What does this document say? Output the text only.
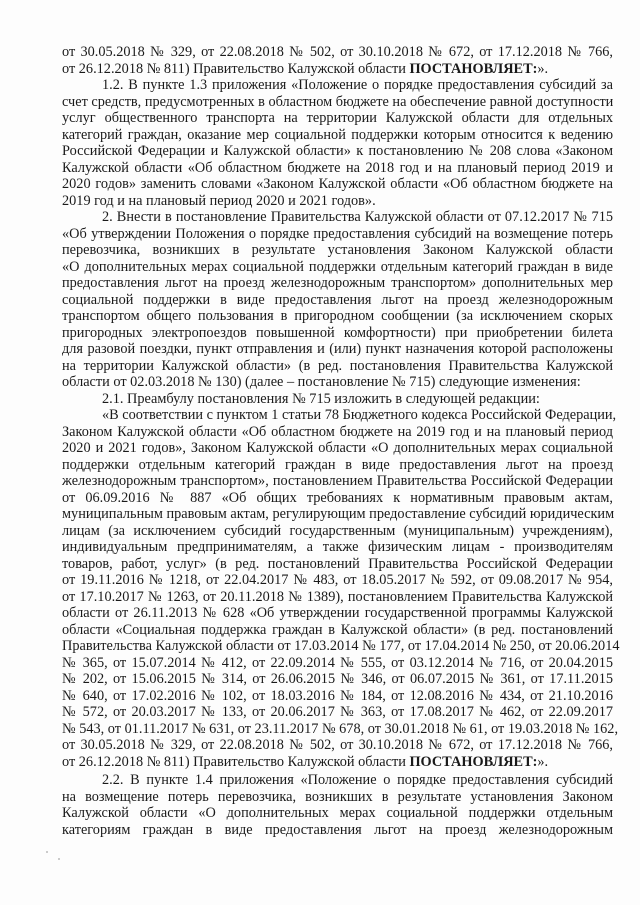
от 30.05.2018 № 329, от 22.08.2018 № 502, от 30.10.2018 № 672, от 17.12.2018 № 766,
от 26.12.2018 № 811) Правительство Калужской области ПОСТАНОВЛЯЕТ:».
1.2. В пункте 1.3 приложения «Положение о порядке предоставления субсидий за
счет средств, предусмотренных в областном бюджете на обеспечение равной доступности
услуг общественного транспорта на территории Калужской области для отдельных
категорий граждан, оказание мер социальной поддержки которым относится к ведению
Российской Федерации и Калужской области» к постановлению № 208 слова «Законом
Калужской области «Об областном бюджете на 2018 год и на плановый период 2019 и
2020 годов» заменить словами «Законом Калужской области «Об областном бюджете на
2019 год и на плановый период 2020 и 2021 годов».
2. Внести в постановление Правительства Калужской области от 07.12.2017 № 715
«Об утверждении Положения о порядке предоставления субсидий на возмещение потерь
перевозчика, возникших в результате установления Законом Калужской области
«О дополнительных мерах социальной поддержки отдельным категорий граждан в виде
предоставления льгот на проезд железнодорожным транспортом» дополнительных мер
социальной поддержки в виде предоставления льгот на проезд железнодорожным
транспортом общего пользования в пригородном сообщении (за исключением скорых
пригородных электропоездов повышенной комфортности) при приобретении билета
для разовой поездки, пункт отправления и (или) пункт назначения которой расположены
на территории Калужской области» (в ред. постановления Правительства Калужской
области от 02.03.2018 № 130) (далее – постановление № 715) следующие изменения:
2.1. Преамбулу постановления № 715 изложить в следующей редакции:
«В соответствии с пунктом 1 статьи 78 Бюджетного кодекса Российской Федерации,
Законом Калужской области «Об областном бюджете на 2019 год и на плановый период
2020 и 2021 годов», Законом Калужской области «О дополнительных мерах социальной
поддержки отдельным категорий граждан в виде предоставления льгот на проезд
железнодорожным транспортом», постановлением Правительства Российской Федерации
от 06.09.2016 № 887 «Об общих требованиях к нормативным правовым актам,
муниципальным правовым актам, регулирующим предоставление субсидий юридическим
лицам (за исключением субсидий государственным (муниципальным) учреждениям),
индивидуальным предпринимателям, а также физическим лицам - производителям
товаров, работ, услуг» (в ред. постановлений Правительства Российской Федерации
от 19.11.2016 № 1218, от 22.04.2017 № 483, от 18.05.2017 № 592, от 09.08.2017 № 954,
от 17.10.2017 № 1263, от 20.11.2018 № 1389), постановлением Правительства Калужской
области от 26.11.2013 № 628 «Об утверждении государственной программы Калужской
области «Социальная поддержка граждан в Калужской области» (в ред. постановлений
Правительства Калужской области от 17.03.2014 № 177, от 17.04.2014 № 250, от 20.06.2014
№ 365, от 15.07.2014 № 412, от 22.09.2014 № 555, от 03.12.2014 № 716, от 20.04.2015
№ 202, от 15.06.2015 № 314, от 26.06.2015 № 346, от 06.07.2015 № 361, от 17.11.2015
№ 640, от 17.02.2016 № 102, от 18.03.2016 № 184, от 12.08.2016 № 434, от 21.10.2016
№ 572, от 20.03.2017 № 133, от 20.06.2017 № 363, от 17.08.2017 № 462, от 22.09.2017
№ 543, от 01.11.2017 № 631, от 23.11.2017 № 678, от 30.01.2018 № 61, от 19.03.2018 № 162,
от 30.05.2018 № 329, от 22.08.2018 № 502, от 30.10.2018 № 672, от 17.12.2018 № 766,
от 26.12.2018 № 811) Правительство Калужской области ПОСТАНОВЛЯЕТ:».
2.2. В пункте 1.4 приложения «Положение о порядке предоставления субсидий
на возмещение потерь перевозчика, возникших в результате установления Законом
Калужской области «О дополнительных мерах социальной поддержки отдельным
категориям граждан в виде предоставления льгот на проезд железнодорожным
